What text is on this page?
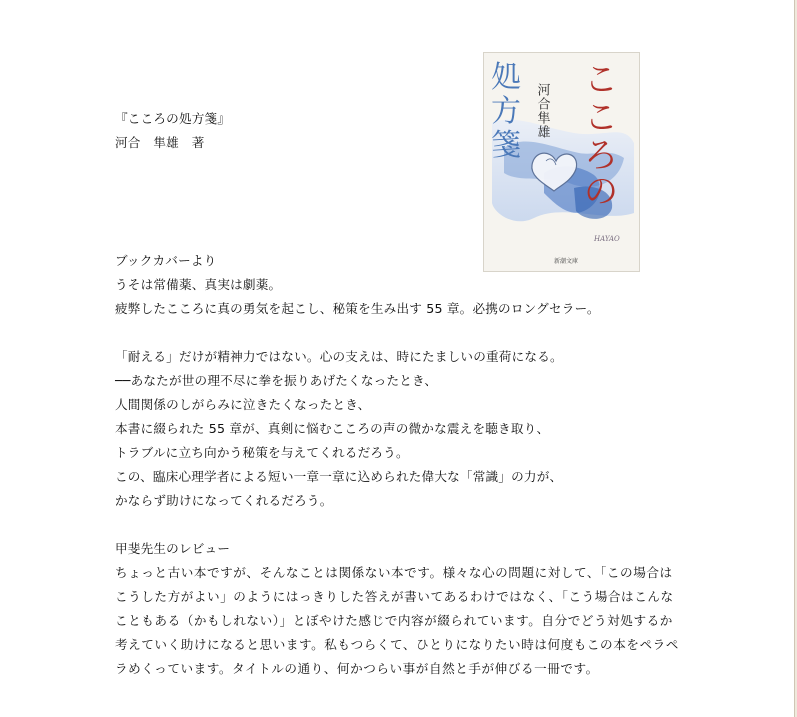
こ
こ
ろ
の
処
方
箋
河合隼雄
HAYAO
新潮文庫
『こころの処方箋』
河合　隼雄　著
ブックカバーより
うそは常備薬、真実は劇薬。
疲弊したこころに真の勇気を起こし、秘策を生み出す 55 章。必携のロングセラー。
「耐える」だけが精神力ではない。心の支えは、時にたましいの重荷になる。
──あなたが世の理不尽に拳を振りあげたくなったとき、
人間関係のしがらみに泣きたくなったとき、
本書に綴られた 55 章が、真剣に悩むこころの声の微かな震えを聴き取り、
トラブルに立ち向かう秘策を与えてくれるだろう。
この、臨床心理学者による短い一章一章に込められた偉大な「常識」の力が、
かならず助けになってくれるだろう。
甲斐先生のレビュー
ちょっと古い本ですが、そんなことは関係ない本です。様々な心の問題に対して、「この場合はこうした方がよい」のようにはっきりした答えが書いてあるわけではなく、「こう場合はこんなこともある（かもしれない）」とぼやけた感じで内容が綴られています。自分でどう対処するか考えていく助けになると思います。私もつらくて、ひとりになりたい時は何度もこの本をペラペラめくっています。タイトルの通り、何かつらい事が自然と手が伸びる一冊です。
